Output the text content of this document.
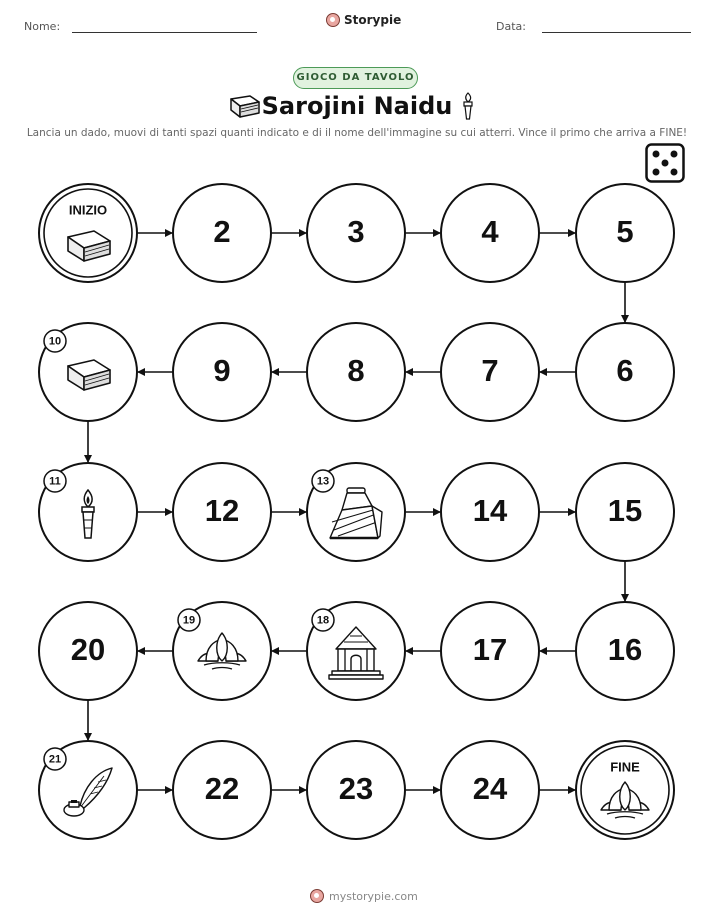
Nome:	Storypie	Data:
GIOCO DA TAVOLO
Sarojini Naidu
Lancia un dado, muovi di tanti spazi quanti indicato e di il nome dell'immagine su cui atterri. Vince il primo che arriva a FINE!
INIZIO
2	3	4	5
6
7
8
9
10
11
12
13
14	15
16
17
18
19
20
21
22	23	24
FINE
mystorypie.com
